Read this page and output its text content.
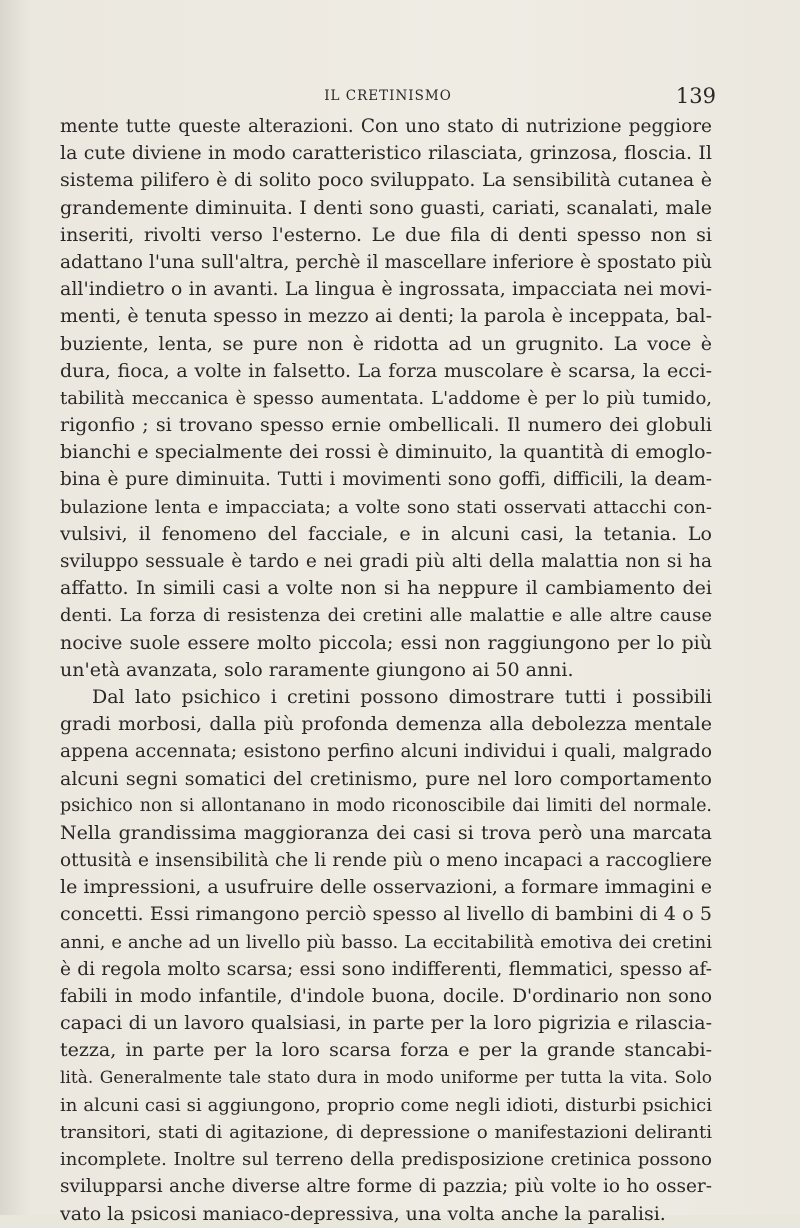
IL CRETINISMO	139
mente tutte queste alterazioni. Con uno stato di nutrizione peggiore
la cute diviene in modo caratteristico rilasciata, grinzosa, floscia. Il
sistema pilifero è di solito poco sviluppato. La sensibilità cutanea è
grandemente diminuita. I denti sono guasti, cariati, scanalati, male
inseriti, rivolti verso l'esterno. Le due fila di denti spesso non si
adattano l'una sull'altra, perchè il mascellare inferiore è spostato più
all'indietro o in avanti. La lingua è ingrossata, impacciata nei movi-
menti, è tenuta spesso in mezzo ai denti; la parola è inceppata, bal-
buziente, lenta, se pure non è ridotta ad un grugnito. La voce è
dura, fioca, a volte in falsetto. La forza muscolare è scarsa, la ecci-
tabilità meccanica è spesso aumentata. L'addome è per lo più tumido,
rigonfio ; si trovano spesso ernie ombellicali. Il numero dei globuli
bianchi e specialmente dei rossi è diminuito, la quantità di emoglo-
bina è pure diminuita. Tutti i movimenti sono goffi, difficili, la deam-
bulazione lenta e impacciata; a volte sono stati osservati attacchi con-
vulsivi, il fenomeno del facciale, e in alcuni casi, la tetania. Lo
sviluppo sessuale è tardo e nei gradi più alti della malattia non si ha
affatto. In simili casi a volte non si ha neppure il cambiamento dei
denti. La forza di resistenza dei cretini alle malattie e alle altre cause
nocive suole essere molto piccola; essi non raggiungono per lo più
un'età avanzata, solo raramente giungono ai 50 anni.
Dal lato psichico i cretini possono dimostrare tutti i possibili
gradi morbosi, dalla più profonda demenza alla debolezza mentale
appena accennata; esistono perfino alcuni individui i quali, malgrado
alcuni segni somatici del cretinismo, pure nel loro comportamento
psichico non si allontanano in modo riconoscibile dai limiti del normale.
Nella grandissima maggioranza dei casi si trova però una marcata
ottusità e insensibilità che li rende più o meno incapaci a raccogliere
le impressioni, a usufruire delle osservazioni, a formare immagini e
concetti. Essi rimangono perciò spesso al livello di bambini di 4 o 5
anni, e anche ad un livello più basso. La eccitabilità emotiva dei cretini
è di regola molto scarsa; essi sono indifferenti, flemmatici, spesso af-
fabili in modo infantile, d'indole buona, docile. D'ordinario non sono
capaci di un lavoro qualsiasi, in parte per la loro pigrizia e rilascia-
tezza, in parte per la loro scarsa forza e per la grande stancabi-
lità. Generalmente tale stato dura in modo uniforme per tutta la vita. Solo
in alcuni casi si aggiungono, proprio come negli idioti, disturbi psichici
transitori, stati di agitazione, di depressione o manifestazioni deliranti
incomplete. Inoltre sul terreno della predisposizione cretinica possono
svilupparsi anche diverse altre forme di pazzia; più volte io ho osser-
vato la psicosi maniaco-depressiva, una volta anche la paralisi.
